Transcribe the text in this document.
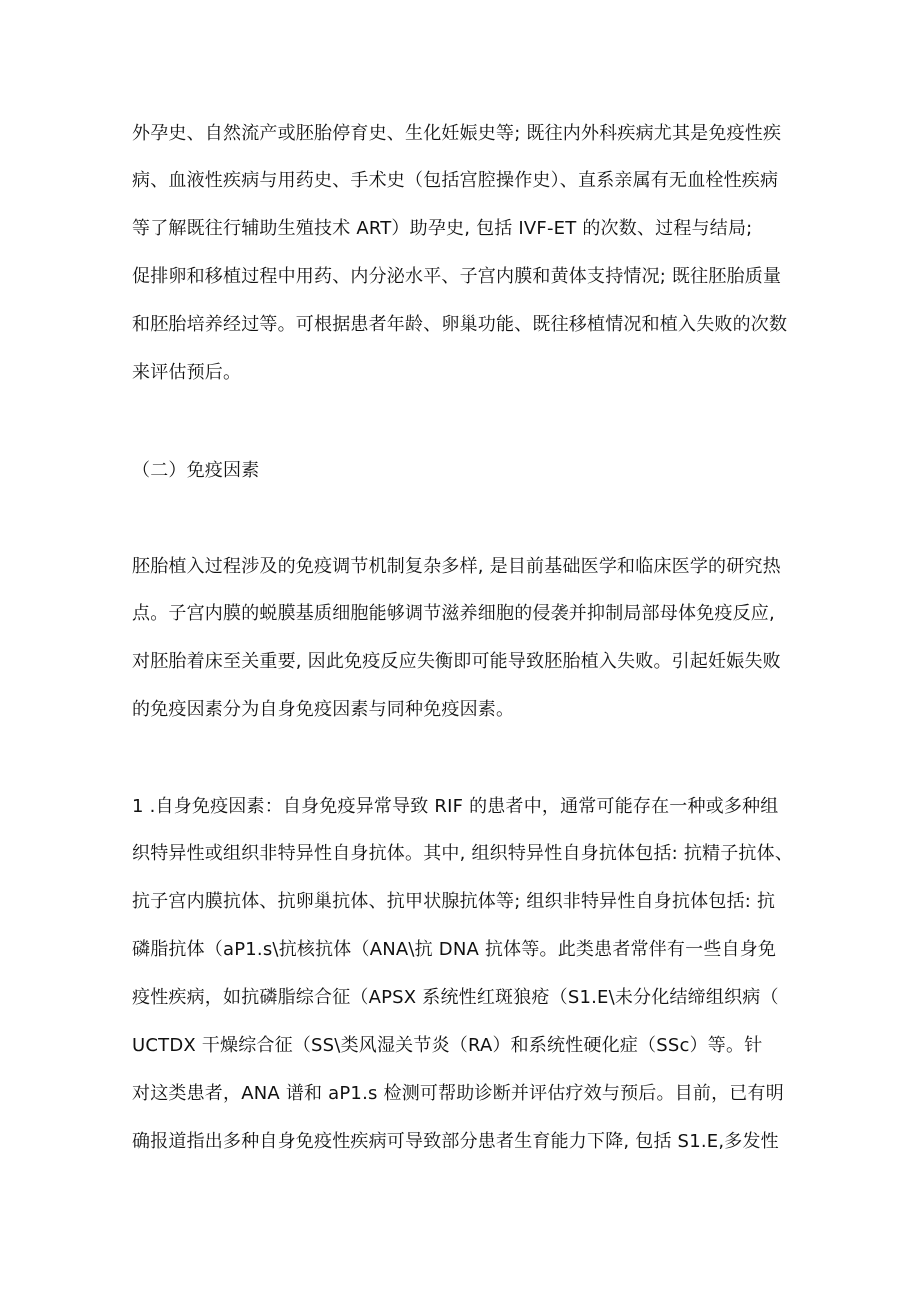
外孕史、自然流产或胚胎停育史、生化妊娠史等; 既往内外科疾病尤其是免疫性疾
病、血液性疾病与用药史、手术史（包括宫腔操作史）、直系亲属有无血栓性疾病
等了解既往行辅助生殖技术 ART）助孕史, 包括 IVF-ET 的次数、过程与结局;
促排卵和移植过程中用药、内分泌水平、子宫内膜和黄体支持情况; 既往胚胎质量
和胚胎培养经过等。可根据患者年龄、卵巢功能、既往移植情况和植入失败的次数
来评估预后。
（二）免疫因素
胚胎植入过程涉及的免疫调节机制复杂多样, 是目前基础医学和临床医学的研究热
点。子宫内膜的蜕膜基质细胞能够调节滋养细胞的侵袭并抑制局部母体免疫反应,
对胚胎着床至关重要, 因此免疫反应失衡即可能导致胚胎植入失败。引起妊娠失败
的免疫因素分为自身免疫因素与同种免疫因素。
1 .自身免疫因素：自身免疫异常导致 RIF 的患者中，通常可能存在一种或多种组
织特异性或组织非特异性自身抗体。其中, 组织特异性自身抗体包括: 抗精子抗体、
抗子宫内膜抗体、抗卵巢抗体、抗甲状腺抗体等; 组织非特异性自身抗体包括: 抗
磷脂抗体（aP1.s\抗核抗体（ANA\抗 DNA 抗体等。此类患者常伴有一些自身免
疫性疾病，如抗磷脂综合征（APSX 系统性红斑狼疮（S1.E\未分化结缔组织病（
UCTDX 干燥综合征（SS\类风湿关节炎（RA）和系统性硬化症（SSc）等。针
对这类患者，ANA 谱和 aP1.s 检测可帮助诊断并评估疗效与预后。目前，已有明
确报道指出多种自身免疫性疾病可导致部分患者生育能力下降, 包括 S1.E,多发性
